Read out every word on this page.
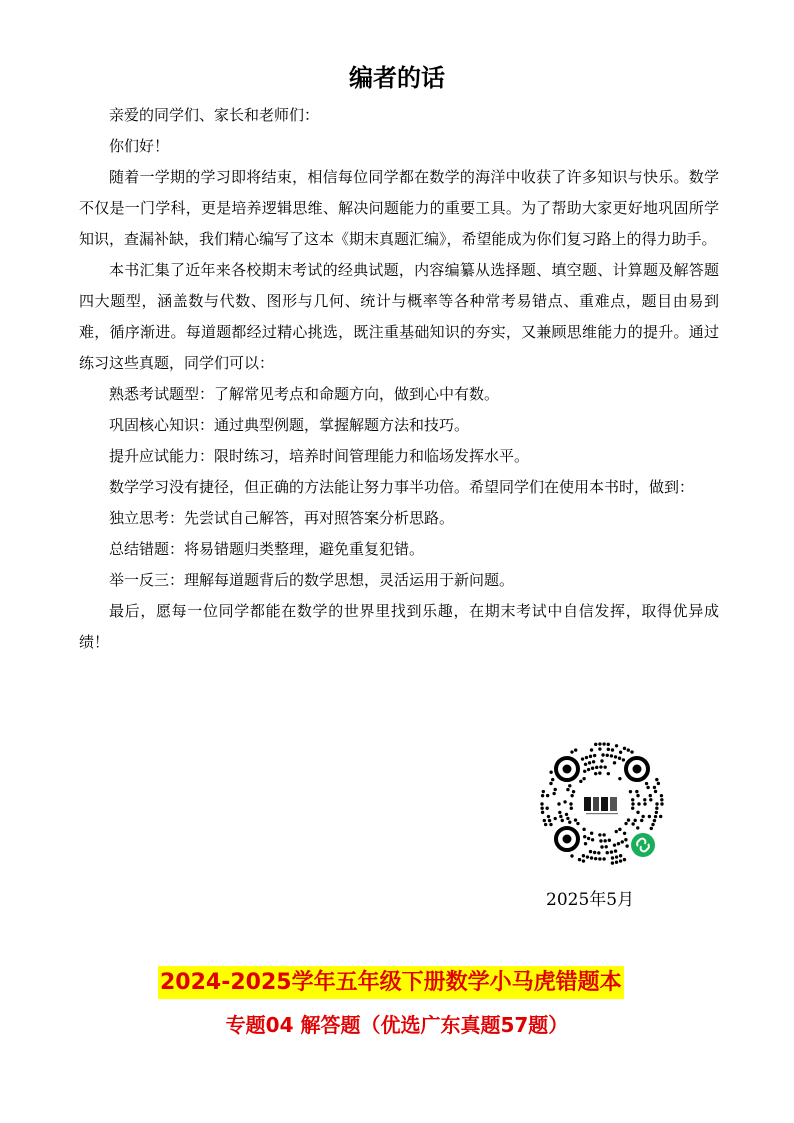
编者的话

亲爱的同学们、家长和老师们：

你们好！

随着一学期的学习即将结束，相信每位同学都在数学的海洋中收获了许多知识与快乐。数学不仅是一门学科，更是培养逻辑思维、解决问题能力的重要工具。为了帮助大家更好地巩固所学知识，查漏补缺，我们精心编写了这本《期末真题汇编》，希望能成为你们复习路上的得力助手。

本书汇集了近年来各校期末考试的经典试题，内容编纂从选择题、填空题、计算题及解答题四大题型，涵盖数与代数、图形与几何、统计与概率等各种常考易错点、重难点，题目由易到难，循序渐进。每道题都经过精心挑选，既注重基础知识的夯实，又兼顾思维能力的提升。通过练习这些真题，同学们可以：

熟悉考试题型：了解常见考点和命题方向，做到心中有数。

巩固核心知识：通过典型例题，掌握解题方法和技巧。

提升应试能力：限时练习，培养时间管理能力和临场发挥水平。

数学学习没有捷径，但正确的方法能让努力事半功倍。希望同学们在使用本书时，做到：

独立思考：先尝试自己解答，再对照答案分析思路。

总结错题：将易错题归类整理，避免重复犯错。

举一反三：理解每道题背后的数学思想，灵活运用于新问题。

最后，愿每一位同学都能在数学的世界里找到乐趣，在期末考试中自信发挥，取得优异成绩！

2025年5月
2024-2025学年五年级下册数学小马虎错题本
专题04 解答题（优选广东真题57题）
